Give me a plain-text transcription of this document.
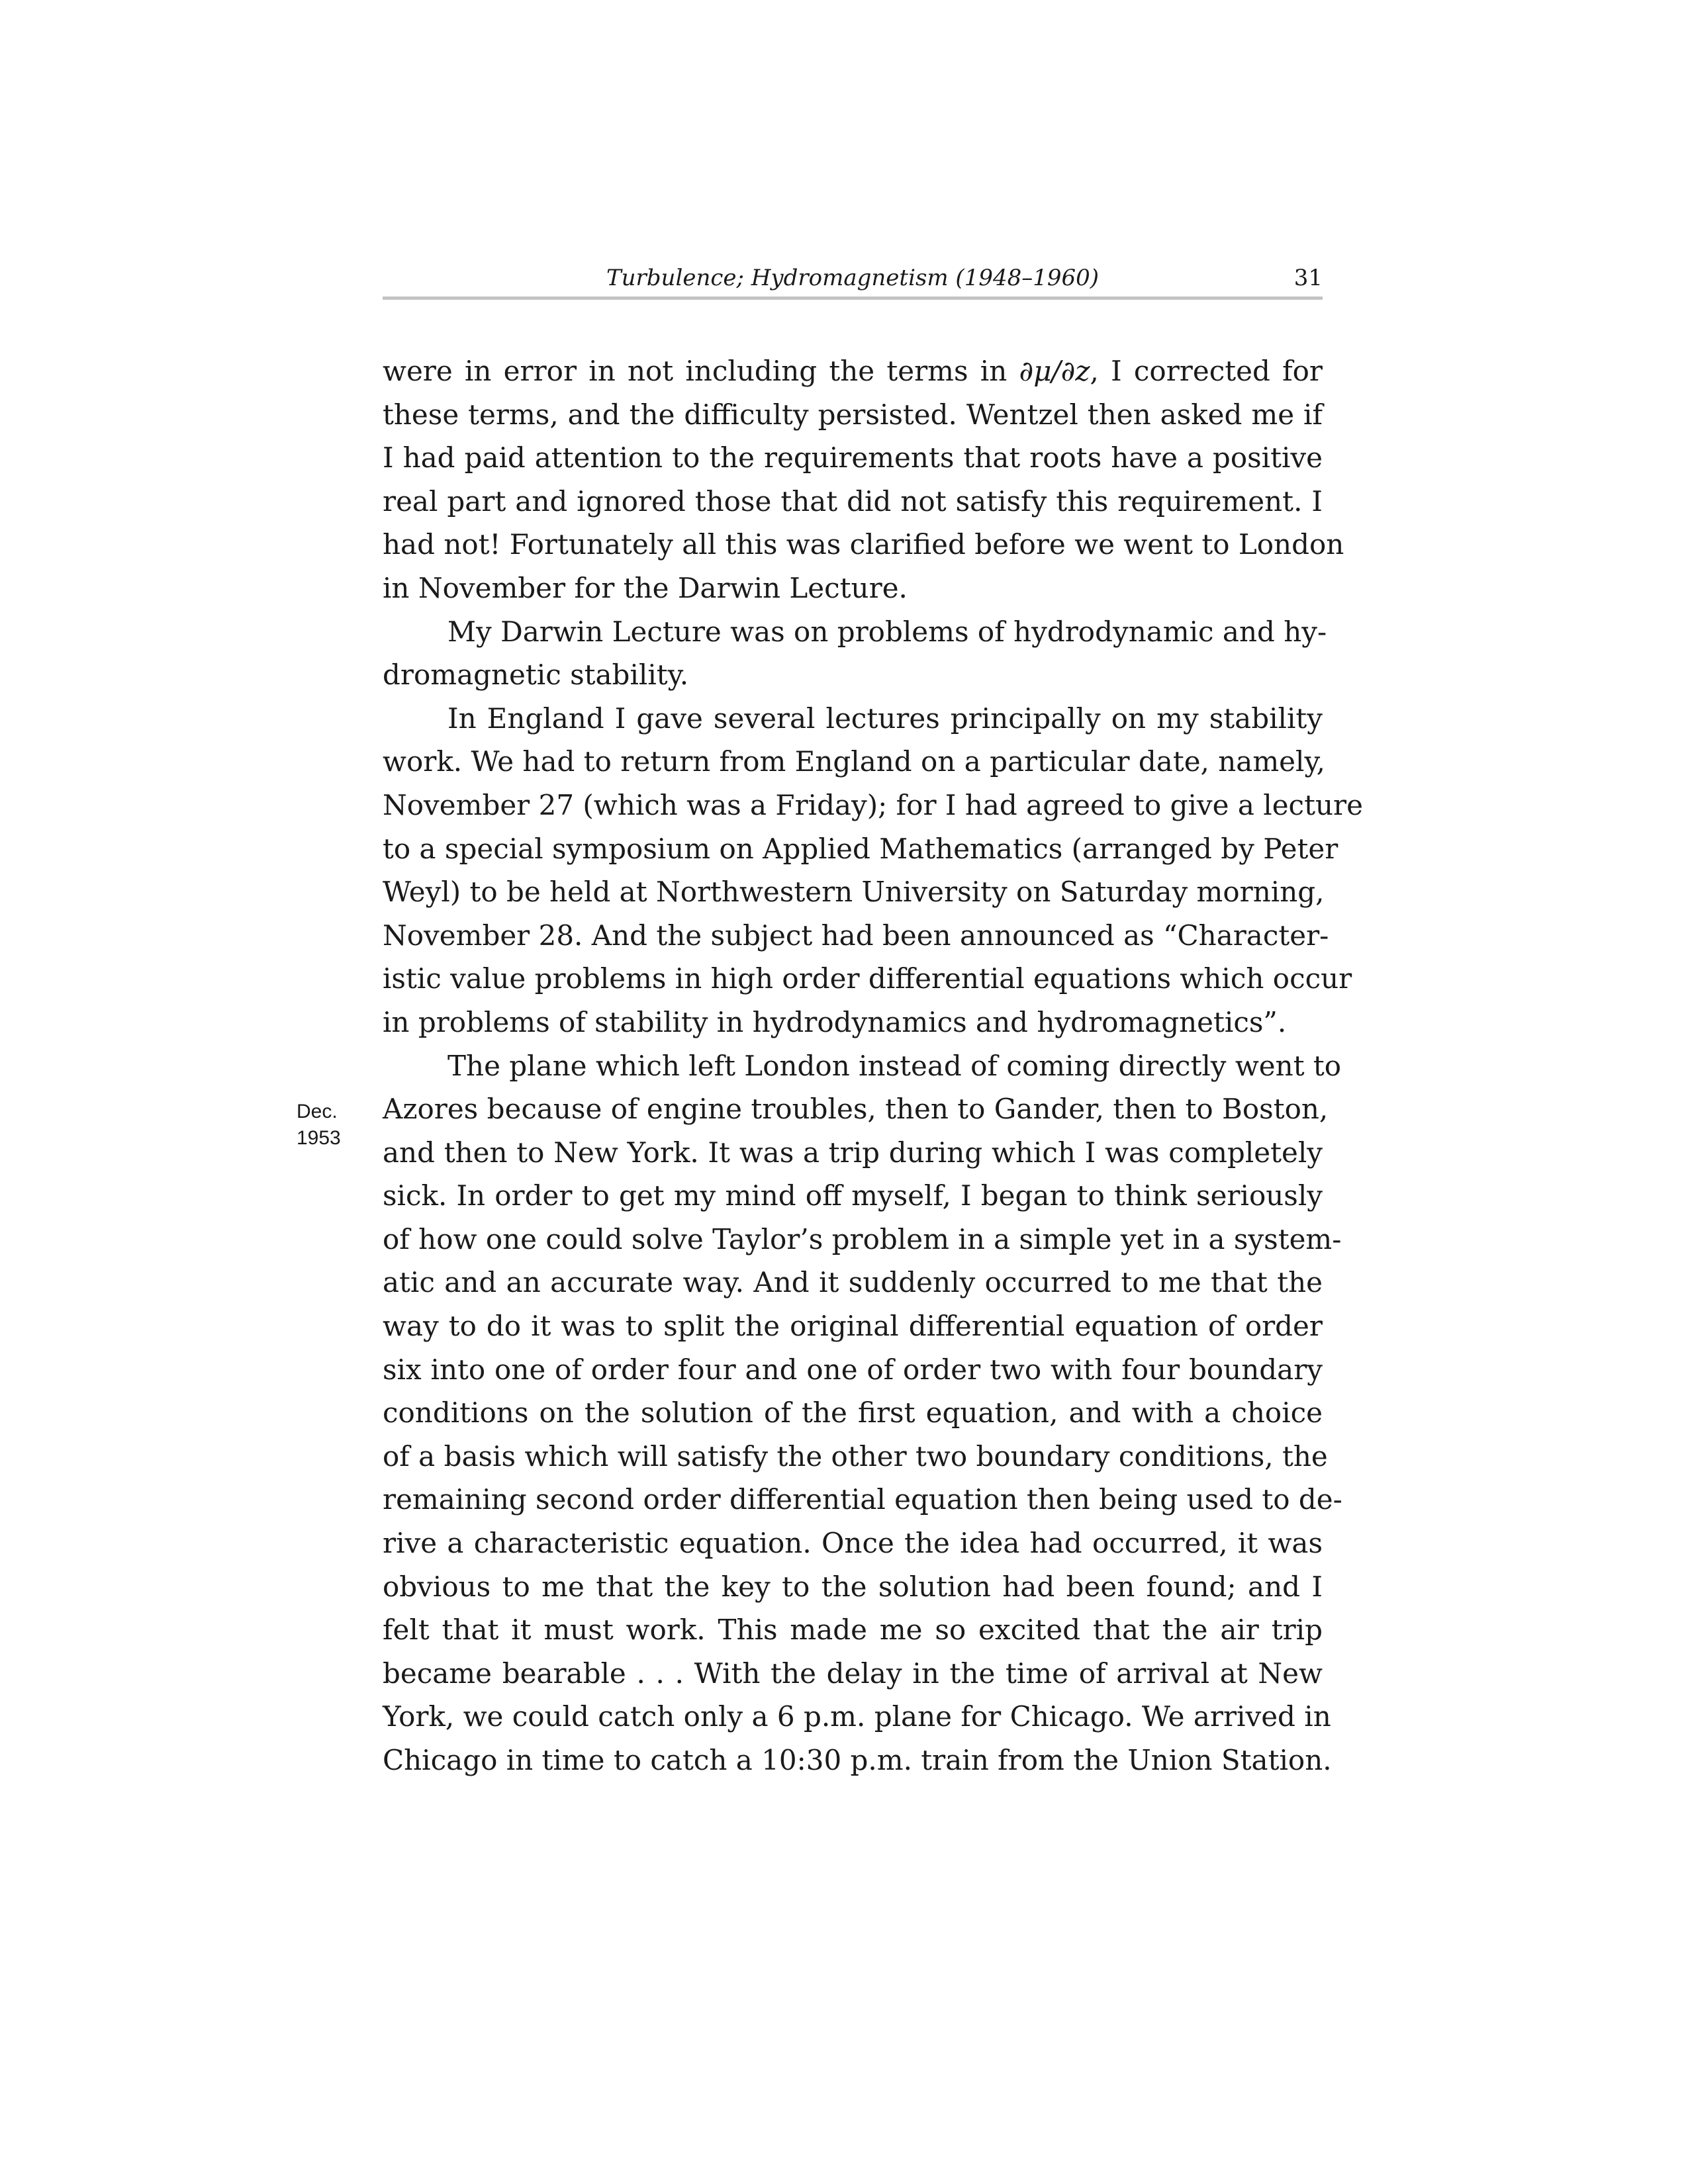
Turbulence; Hydromagnetism (1948–1960)	31
Dec.
1953
were in error in not including the terms in ∂μ/∂z, I corrected for
these terms, and the difficulty persisted. Wentzel then asked me if
I had paid attention to the requirements that roots have a positive
real part and ignored those that did not satisfy this requirement. I
had not! Fortunately all this was clarified before we went to London
in November for the Darwin Lecture.
My Darwin Lecture was on problems of hydrodynamic and hy-
dromagnetic stability.
In England I gave several lectures principally on my stability
work. We had to return from England on a particular date, namely,
November 27 (which was a Friday); for I had agreed to give a lecture
to a special symposium on Applied Mathematics (arranged by Peter
Weyl) to be held at Northwestern University on Saturday morning,
November 28. And the subject had been announced as “Character-
istic value problems in high order differential equations which occur
in problems of stability in hydrodynamics and hydromagnetics”.
The plane which left London instead of coming directly went to
Azores because of engine troubles, then to Gander, then to Boston,
and then to New York. It was a trip during which I was completely
sick. In order to get my mind off myself, I began to think seriously
of how one could solve Taylor’s problem in a simple yet in a system-
atic and an accurate way. And it suddenly occurred to me that the
way to do it was to split the original differential equation of order
six into one of order four and one of order two with four boundary
conditions on the solution of the first equation, and with a choice
of a basis which will satisfy the other two boundary conditions, the
remaining second order differential equation then being used to de-
rive a characteristic equation. Once the idea had occurred, it was
obvious to me that the key to the solution had been found; and I
felt that it must work. This made me so excited that the air trip
became bearable . . . With the delay in the time of arrival at New
York, we could catch only a 6 p.m. plane for Chicago. We arrived in
Chicago in time to catch a 10:30 p.m. train from the Union Station.
